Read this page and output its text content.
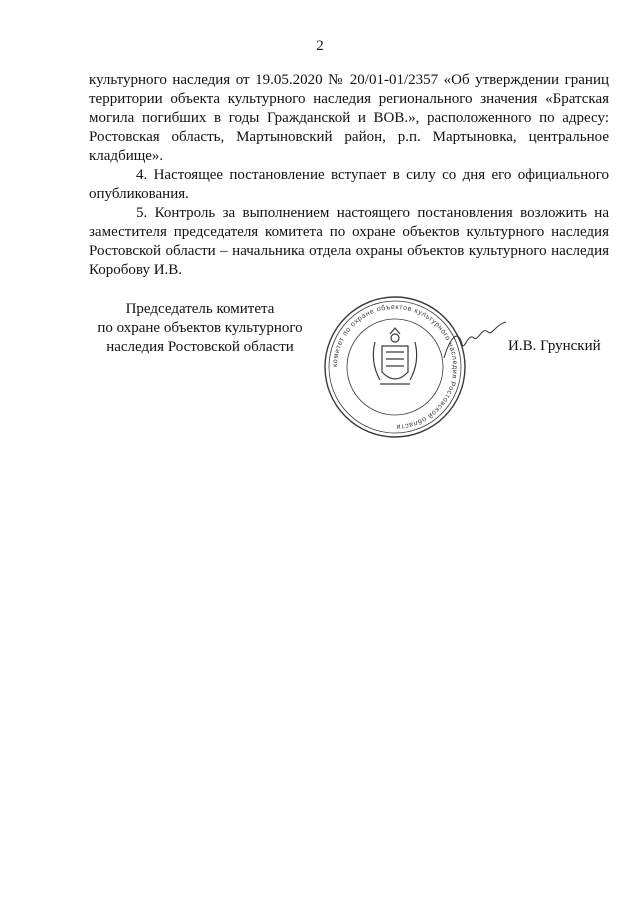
2

культурного наследия от 19.05.2020 № 20/01-01/2357 «Об утверждении границ территории объекта культурного наследия регионального значения «Братская могила погибших в годы Гражданской и ВОВ.», расположенного по адресу: Ростовская область, Мартыновский район, р.п. Мартыновка, центральное кладбище».

4. Настоящее постановление вступает в силу со дня его официального опубликования.

5. Контроль за выполнением настоящего постановления возложить на заместителя председателя комитета по охране объектов культурного наследия Ростовской области – начальника отдела охраны объектов культурного наследия Коробову И.В.

Председатель комитета
по охране объектов культурного
наследия Ростовской области
комитет по охране объектов культурного наследия Ростовской области
И.В. Грунский
